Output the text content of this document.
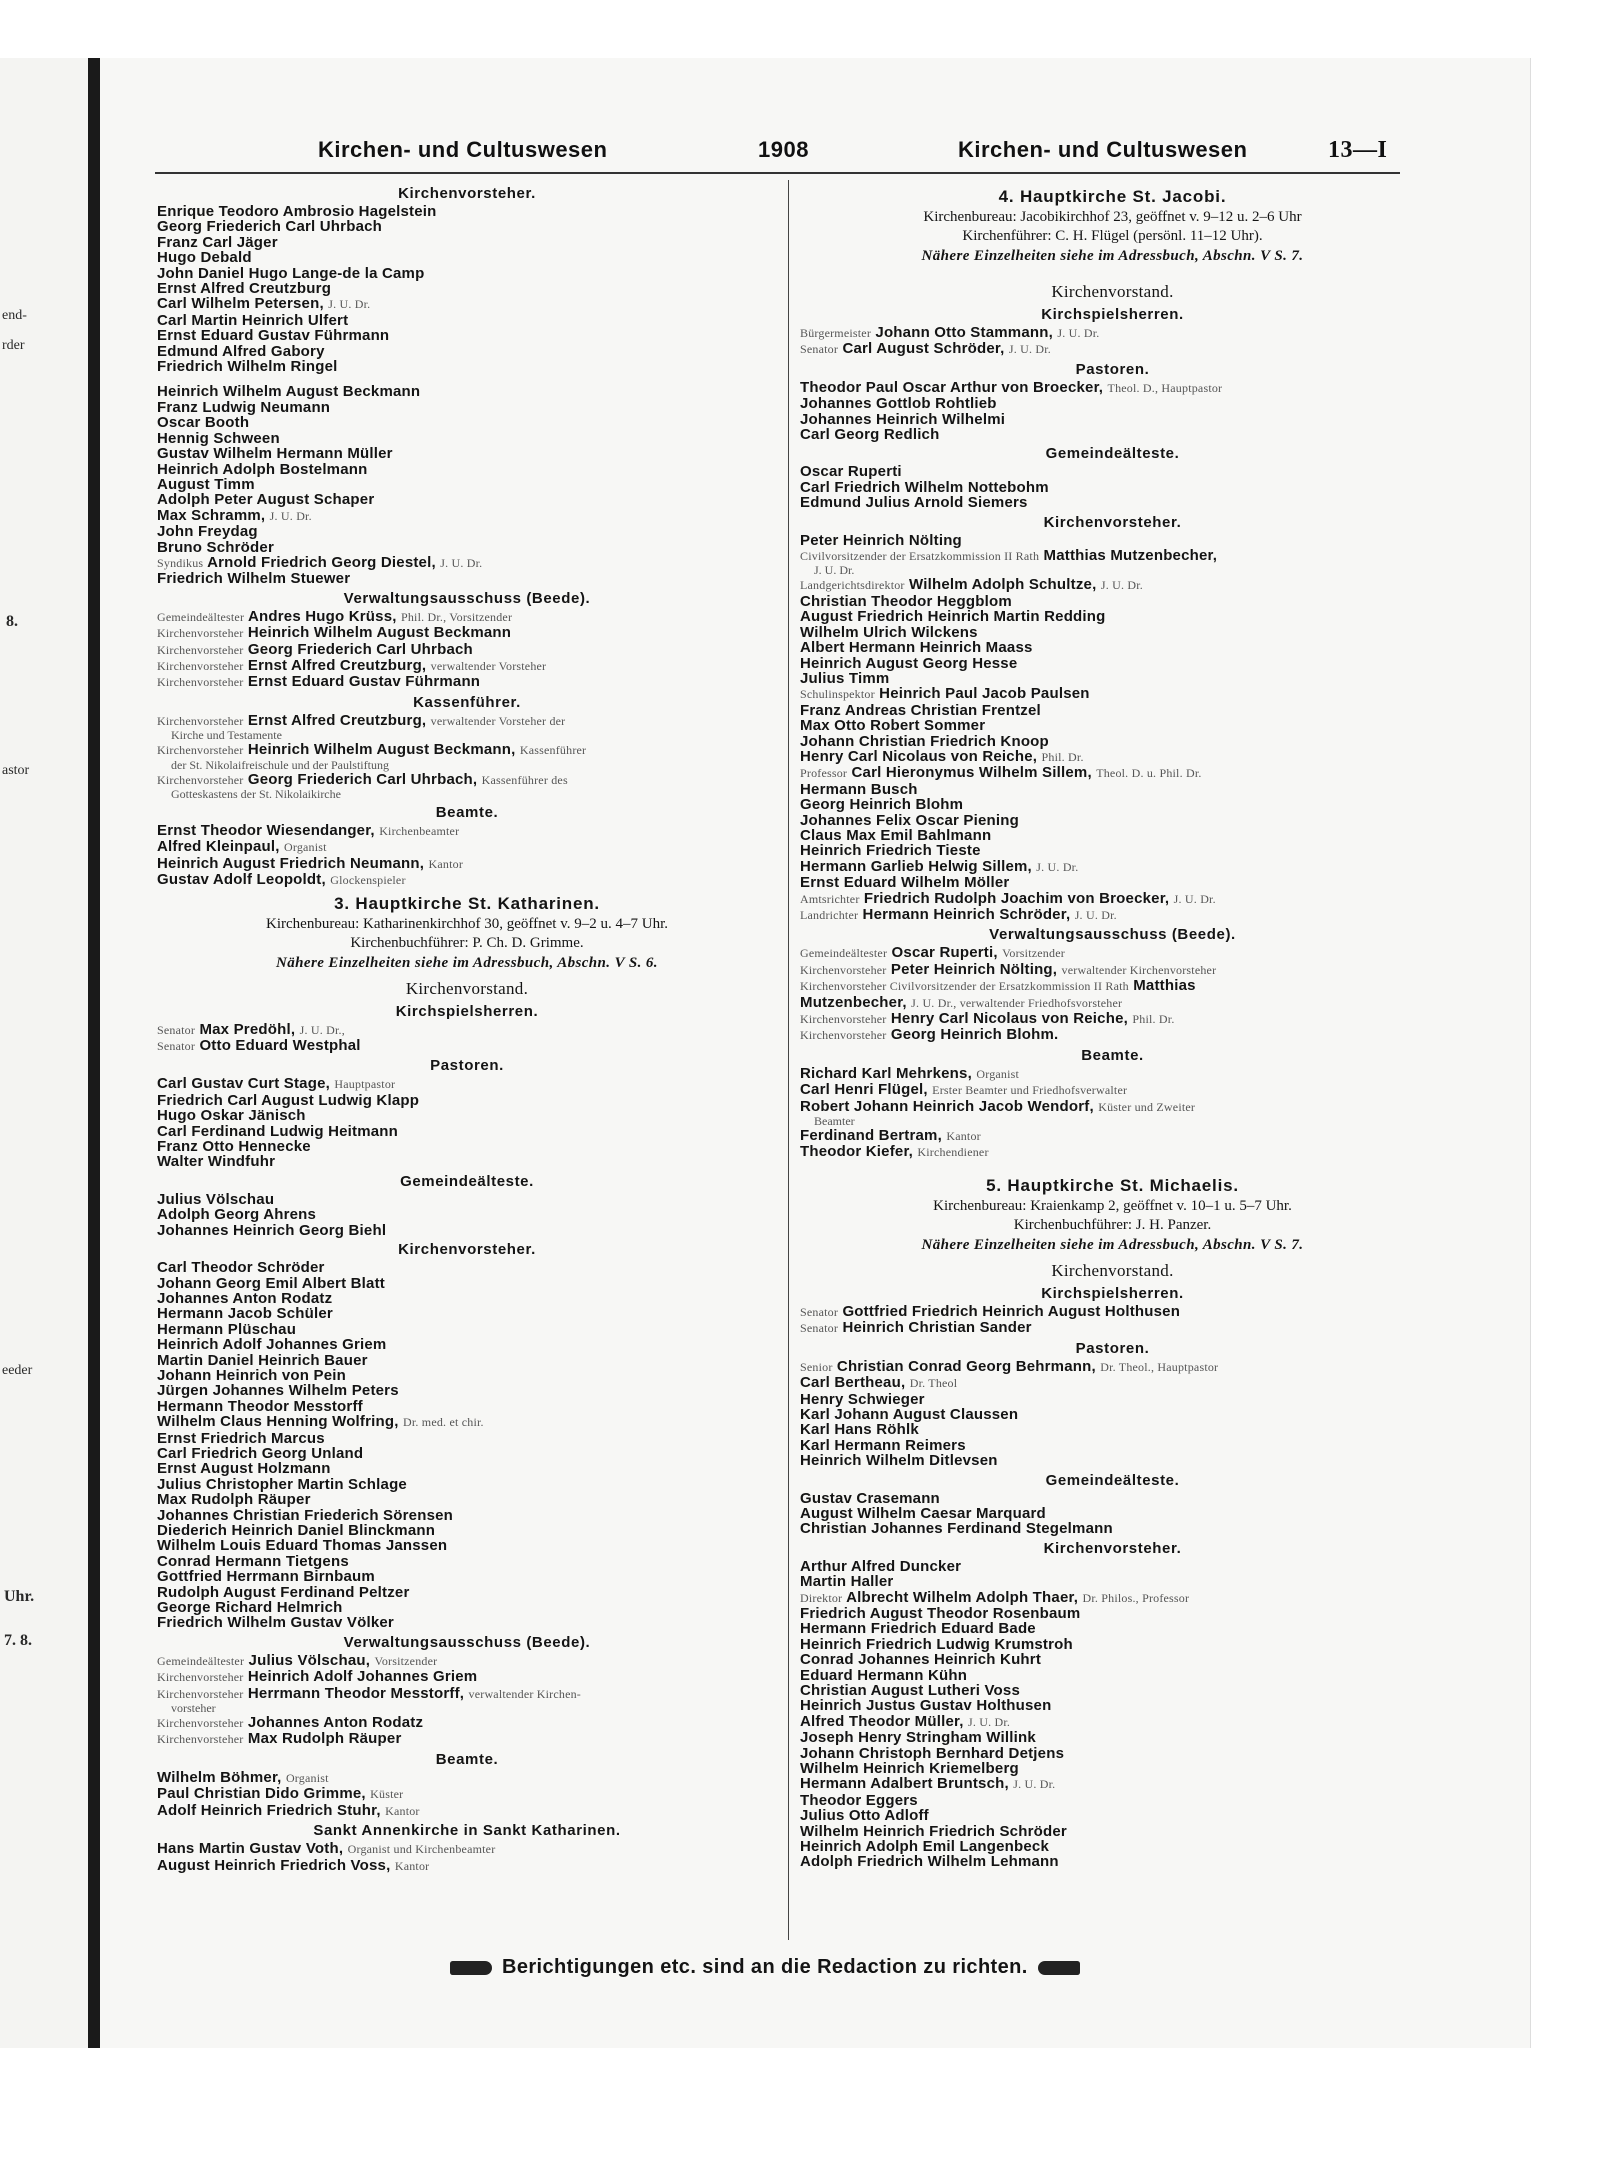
end-
rder
8.
astor
eeder
Uhr.
7. 8.
Kirchen- und Cultuswesen	1908	Kirchen- und Cultuswesen	13—I
Kirchenvorsteher.
Enrique Teodoro Ambrosio Hagelstein
Georg Friederich Carl Uhrbach
Franz Carl Jäger
Hugo Debald
John Daniel Hugo Lange-de la Camp
Ernst Alfred Creutzburg
Carl Wilhelm Petersen, J. U. Dr.
Carl Martin Heinrich Ulfert
Ernst Eduard Gustav Führmann
Edmund Alfred Gabory
Friedrich Wilhelm Ringel
Heinrich Wilhelm August Beckmann
Franz Ludwig Neumann
Oscar Booth
Hennig Schween
Gustav Wilhelm Hermann Müller
Heinrich Adolph Bostelmann
August Timm
Adolph Peter August Schaper
Max Schramm, J. U. Dr.
John Freydag
Bruno Schröder
Syndikus Arnold Friedrich Georg Diestel, J. U. Dr.
Friedrich Wilhelm Stuewer
Verwaltungsausschuss (Beede).
Gemeindeältester Andres Hugo Krüss, Phil. Dr., Vorsitzender
Kirchenvorsteher Heinrich Wilhelm August Beckmann
Kirchenvorsteher Georg Friederich Carl Uhrbach
Kirchenvorsteher Ernst Alfred Creutzburg, verwaltender Vorsteher
Kirchenvorsteher Ernst Eduard Gustav Führmann
Kassenführer.
Kirchenvorsteher Ernst Alfred Creutzburg, verwaltender Vorsteher der
Kirche und Testamente
Kirchenvorsteher Heinrich Wilhelm August Beckmann, Kassenführer
der St. Nikolaifreischule und der Paulstiftung
Kirchenvorsteher Georg Friederich Carl Uhrbach, Kassenführer des
Gotteskastens der St. Nikolaikirche
Beamte.
Ernst Theodor Wiesendanger, Kirchenbeamter
Alfred Kleinpaul, Organist
Heinrich August Friedrich Neumann, Kantor
Gustav Adolf Leopoldt, Glockenspieler
3. Hauptkirche St. Katharinen.
Kirchenbureau: Katharinenkirchhof 30, geöffnet v. 9–2 u. 4–7 Uhr.
Kirchenbuchführer: P. Ch. D. Grimme.
Nähere Einzelheiten siehe im Adressbuch, Abschn. V S. 6.
Kirchenvorstand.
Kirchspielsherren.
Senator Max Predöhl, J. U. Dr.,
Senator Otto Eduard Westphal
Pastoren.
Carl Gustav Curt Stage, Hauptpastor
Friedrich Carl August Ludwig Klapp
Hugo Oskar Jänisch
Carl Ferdinand Ludwig Heitmann
Franz Otto Hennecke
Walter Windfuhr
Gemeindeälteste.
Julius Völschau
Adolph Georg Ahrens
Johannes Heinrich Georg Biehl
Kirchenvorsteher.
Carl Theodor Schröder
Johann Georg Emil Albert Blatt
Johannes Anton Rodatz
Hermann Jacob Schüler
Hermann Plüschau
Heinrich Adolf Johannes Griem
Martin Daniel Heinrich Bauer
Johann Heinrich von Pein
Jürgen Johannes Wilhelm Peters
Hermann Theodor Messtorff
Wilhelm Claus Henning Wolfring, Dr. med. et chir.
Ernst Friedrich Marcus
Carl Friedrich Georg Unland
Ernst August Holzmann
Julius Christopher Martin Schlage
Max Rudolph Räuper
Johannes Christian Friederich Sörensen
Diederich Heinrich Daniel Blinckmann
Wilhelm Louis Eduard Thomas Janssen
Conrad Hermann Tietgens
Gottfried Herrmann Birnbaum
Rudolph August Ferdinand Peltzer
George Richard Helmrich
Friedrich Wilhelm Gustav Völker
Verwaltungsausschuss (Beede).
Gemeindeältester Julius Völschau, Vorsitzender
Kirchenvorsteher Heinrich Adolf Johannes Griem
Kirchenvorsteher Herrmann Theodor Messtorff, verwaltender Kirchen-
vorsteher
Kirchenvorsteher Johannes Anton Rodatz
Kirchenvorsteher Max Rudolph Räuper
Beamte.
Wilhelm Böhmer, Organist
Paul Christian Dido Grimme, Küster
Adolf Heinrich Friedrich Stuhr, Kantor
Sankt Annenkirche in Sankt Katharinen.
Hans Martin Gustav Voth, Organist und Kirchenbeamter
August Heinrich Friedrich Voss, Kantor
4. Hauptkirche St. Jacobi.
Kirchenbureau: Jacobikirchhof 23, geöffnet v. 9–12 u. 2–6 Uhr
Kirchenführer: C. H. Flügel (persönl. 11–12 Uhr).
Nähere Einzelheiten siehe im Adressbuch, Abschn. V S. 7.
Kirchenvorstand.
Kirchspielsherren.
Bürgermeister Johann Otto Stammann, J. U. Dr.
Senator Carl August Schröder, J. U. Dr.
Pastoren.
Theodor Paul Oscar Arthur von Broecker, Theol. D., Hauptpastor
Johannes Gottlob Rohtlieb
Johannes Heinrich Wilhelmi
Carl Georg Redlich
Gemeindeälteste.
Oscar Ruperti
Carl Friedrich Wilhelm Nottebohm
Edmund Julius Arnold Siemers
Kirchenvorsteher.
Peter Heinrich Nölting
Civilvorsitzender der Ersatzkommission II Rath Matthias Mutzenbecher,
J. U. Dr.
Landgerichtsdirektor Wilhelm Adolph Schultze, J. U. Dr.
Christian Theodor Heggblom
August Friedrich Heinrich Martin Redding
Wilhelm Ulrich Wilckens
Albert Hermann Heinrich Maass
Heinrich August Georg Hesse
Julius Timm
Schulinspektor Heinrich Paul Jacob Paulsen
Franz Andreas Christian Frentzel
Max Otto Robert Sommer
Johann Christian Friedrich Knoop
Henry Carl Nicolaus von Reiche, Phil. Dr.
Professor Carl Hieronymus Wilhelm Sillem, Theol. D. u. Phil. Dr.
Hermann Busch
Georg Heinrich Blohm
Johannes Felix Oscar Piening
Claus Max Emil Bahlmann
Heinrich Friedrich Tieste
Hermann Garlieb Helwig Sillem, J. U. Dr.
Ernst Eduard Wilhelm Möller
Amtsrichter Friedrich Rudolph Joachim von Broecker, J. U. Dr.
Landrichter Hermann Heinrich Schröder, J. U. Dr.
Verwaltungsausschuss (Beede).
Gemeindeältester Oscar Ruperti, Vorsitzender
Kirchenvorsteher Peter Heinrich Nölting, verwaltender Kirchenvorsteher
Kirchenvorsteher Civilvorsitzender der Ersatzkommission II Rath Matthias
Mutzenbecher, J. U. Dr., verwaltender Friedhofsvorsteher
Kirchenvorsteher Henry Carl Nicolaus von Reiche, Phil. Dr.
Kirchenvorsteher Georg Heinrich Blohm.
Beamte.
Richard Karl Mehrkens, Organist
Carl Henri Flügel, Erster Beamter und Friedhofsverwalter
Robert Johann Heinrich Jacob Wendorf, Küster und Zweiter
Beamter
Ferdinand Bertram, Kantor
Theodor Kiefer, Kirchendiener
5. Hauptkirche St. Michaelis.
Kirchenbureau: Kraienkamp 2, geöffnet v. 10–1 u. 5–7 Uhr.
Kirchenbuchführer: J. H. Panzer.
Nähere Einzelheiten siehe im Adressbuch, Abschn. V S. 7.
Kirchenvorstand.
Kirchspielsherren.
Senator Gottfried Friedrich Heinrich August Holthusen
Senator Heinrich Christian Sander
Pastoren.
Senior Christian Conrad Georg Behrmann, Dr. Theol., Hauptpastor
Carl Bertheau, Dr. Theol
Henry Schwieger
Karl Johann August Claussen
Karl Hans Röhlk
Karl Hermann Reimers
Heinrich Wilhelm Ditlevsen
Gemeindeälteste.
Gustav Crasemann
August Wilhelm Caesar Marquard
Christian Johannes Ferdinand Stegelmann
Kirchenvorsteher.
Arthur Alfred Duncker
Martin Haller
Direktor Albrecht Wilhelm Adolph Thaer, Dr. Philos., Professor
Friedrich August Theodor Rosenbaum
Hermann Friedrich Eduard Bade
Heinrich Friedrich Ludwig Krumstroh
Conrad Johannes Heinrich Kuhrt
Eduard Hermann Kühn
Christian August Lutheri Voss
Heinrich Justus Gustav Holthusen
Alfred Theodor Müller, J. U. Dr.
Joseph Henry Stringham Willink
Johann Christoph Bernhard Detjens
Wilhelm Heinrich Kriemelberg
Hermann Adalbert Bruntsch, J. U. Dr.
Theodor Eggers
Julius Otto Adloff
Wilhelm Heinrich Friedrich Schröder
Heinrich Adolph Emil Langenbeck
Adolph Friedrich Wilhelm Lehmann
Berichtigungen etc. sind an die Redaction zu richten.
